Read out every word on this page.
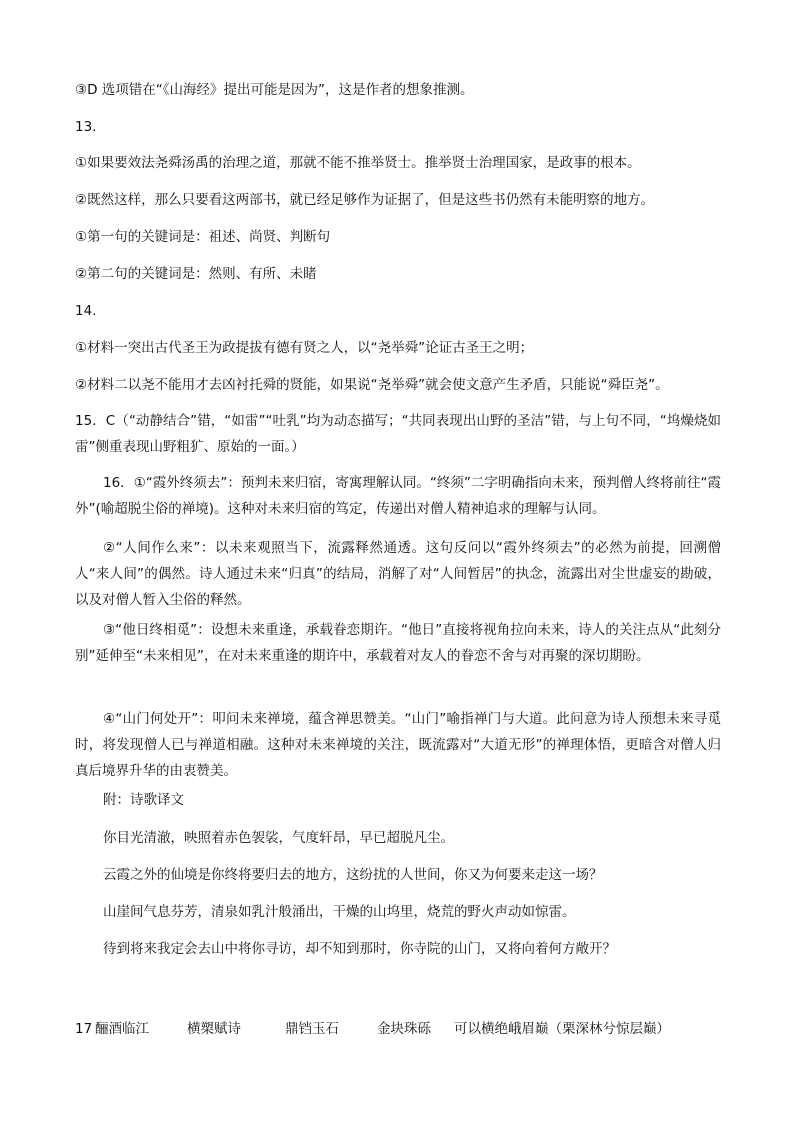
③D 选项错在“《山海经》提出可能是因为”，这是作者的想象推测。
13.
①如果要效法尧舜汤禹的治理之道，那就不能不推举贤士。推举贤士治理国家，是政事的根本。
②既然这样，那么只要看这两部书，就已经足够作为证据了，但是这些书仍然有未能明察的地方。
①第一句的关键词是：祖述、尚贤、判断句
②第二句的关键词是：然则、有所、未睹
14.
①材料一突出古代圣王为政提拔有德有贤之人，以“尧举舜”论证古圣王之明；
②材料二以尧不能用才去凶衬托舜的贤能，如果说“尧举舜”就会使文意产生矛盾，只能说“舜臣尧”。
15．C（“动静结合”错，“如雷”“吐乳”均为动态描写；“共同表现出山野的圣洁”错，与上句不同，“坞燥烧如雷”侧重表现山野粗犷、原始的一面。）
16．①“霞外终须去”：预判未来归宿，寄寓理解认同。“终须”二字明确指向未来，预判僧人终将前往“霞外”(喻超脱尘俗的禅境)。这种对未来归宿的笃定，传递出对僧人精神追求的理解与认同。
②“人间作么来”：以未来观照当下，流露释然通透。这句反问以“霞外终须去”的必然为前提，回溯僧人“来人间”的偶然。诗人通过未来“归真”的结局，消解了对“人间暂居”的执念，流露出对尘世虚妄的勘破，以及对僧人暂入尘俗的释然。
③“他日终相觅”：设想未来重逢，承载眷恋期许。“他日”直接将视角拉向未来，诗人的关注点从“此刻分别”延伸至“未来相见”，在对未来重逢的期许中，承载着对友人的眷恋不舍与对再聚的深切期盼。
④“山门何处开”：叩问未来禅境，蕴含禅思赞美。“山门”喻指禅门与大道。此问意为诗人预想未来寻觅时，将发现僧人已与禅道相融。这种对未来禅境的关注，既流露对“大道无形”的禅理体悟，更暗含对僧人归真后境界升华的由衷赞美。
附：诗歌译文
你目光清澈，映照着赤色袈裟，气度轩昂，早已超脱凡尘。
云霞之外的仙境是你终将要归去的地方，这纷扰的人世间，你又为何要来走这一场？
山崖间气息芬芳，清泉如乳汁般涌出，干燥的山坞里，烧荒的野火声动如惊雷。
待到将来我定会去山中将你寻访，却不知到那时，你寺院的山门，又将向着何方敞开？
17 酾酒临江	横槊赋诗	鼎铛玉石	金块珠砾 可以横绝峨眉巅（栗深林兮惊层巅）
